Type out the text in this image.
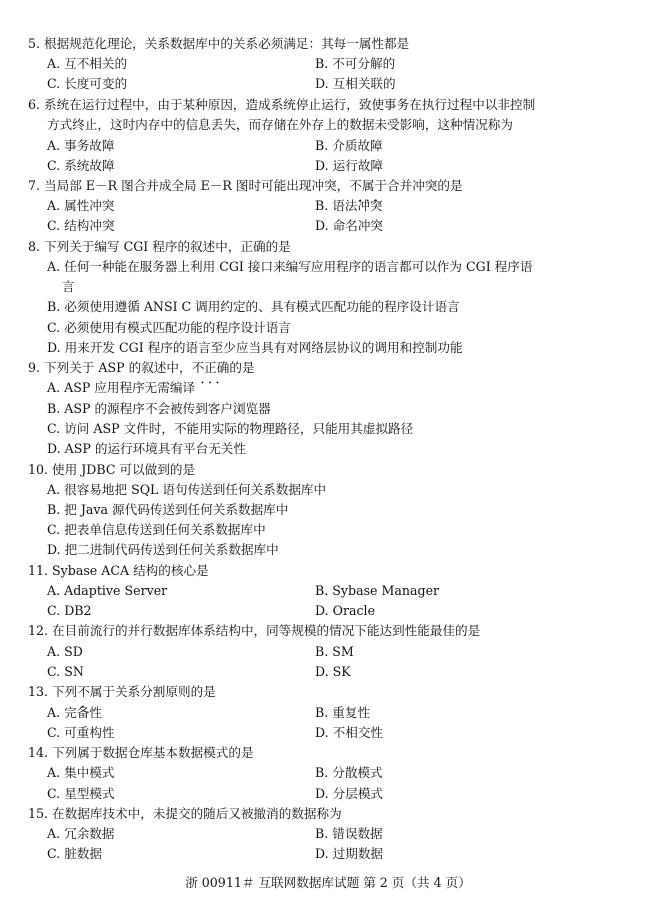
5. 根据规范化理论，关系数据库中的关系必须满足：其每一属性都是
A. 互不相关的	B. 不可分解的
C. 长度可变的	D. 互相关联的
6. 系统在运行过程中，由于某种原因，造成系统停止运行，致使事务在执行过程中以非控制
方式终止，这时内存中的信息丢失，而存储在外存上的数据未受影响，这种情况称为
A. 事务故障	B. 介质故障
C. 系统故障	D. 运行故障
7. 当局部 E－R 图合并成全局 E－R 图时可能出现冲突，不属于 • • •合并冲突的是
A. 属性冲突	B. 语法冲突
C. 结构冲突	D. 命名冲突
8. 下列关于编写 CGI 程序的叙述中，正确的是
A. 任何一种能在服务器上利用 CGI 接口来编写应用程序的语言都可以作为 CGI 程序语
言
B. 必须使用遵循 ANSI C 调用约定的、具有模式匹配功能的程序设计语言
C. 必须使用有模式匹配功能的程序设计语言
D. 用来开发 CGI 程序的语言至少应当具有对网络层协议的调用和控制功能
9. 下列关于 ASP 的叙述中，不正确 • • •的是
A. ASP 应用程序无需编译
B. ASP 的源程序不会被传到客户浏览器
C. 访问 ASP 文件时，不能用实际的物理路径，只能用其虚拟路径
D. ASP 的运行环境具有平台无关性
10. 使用 JDBC 可以做到的是
A. 很容易地把 SQL 语句传送到任何关系数据库中
B. 把 Java 源代码传送到任何关系数据库中
C. 把表单信息传送到任何关系数据库中
D. 把二进制代码传送到任何关系数据库中
11. Sybase ACA 结构的核心是
A. Adaptive Server	B. Sybase Manager
C. DB2	D. Oracle
12. 在目前流行的并行数据库体系结构中，同等规模的情况下能达到性能最佳的是
A. SD	B. SM
C. SN	D. SK
13. 下列不属于关系分割原则的是
A. 完备性	B. 重复性
C. 可重构性	D. 不相交性
14. 下列属于数据仓库基本数据模式的是
A. 集中模式	B. 分散模式
C. 星型模式	D. 分层模式
15. 在数据库技术中，未提交的随后又被撤消的数据称为
A. 冗余数据	B. 错误数据
C. 脏数据	D. 过期数据
浙 00911＃ 互联网数据库试题 第 2 页（共 4 页）
